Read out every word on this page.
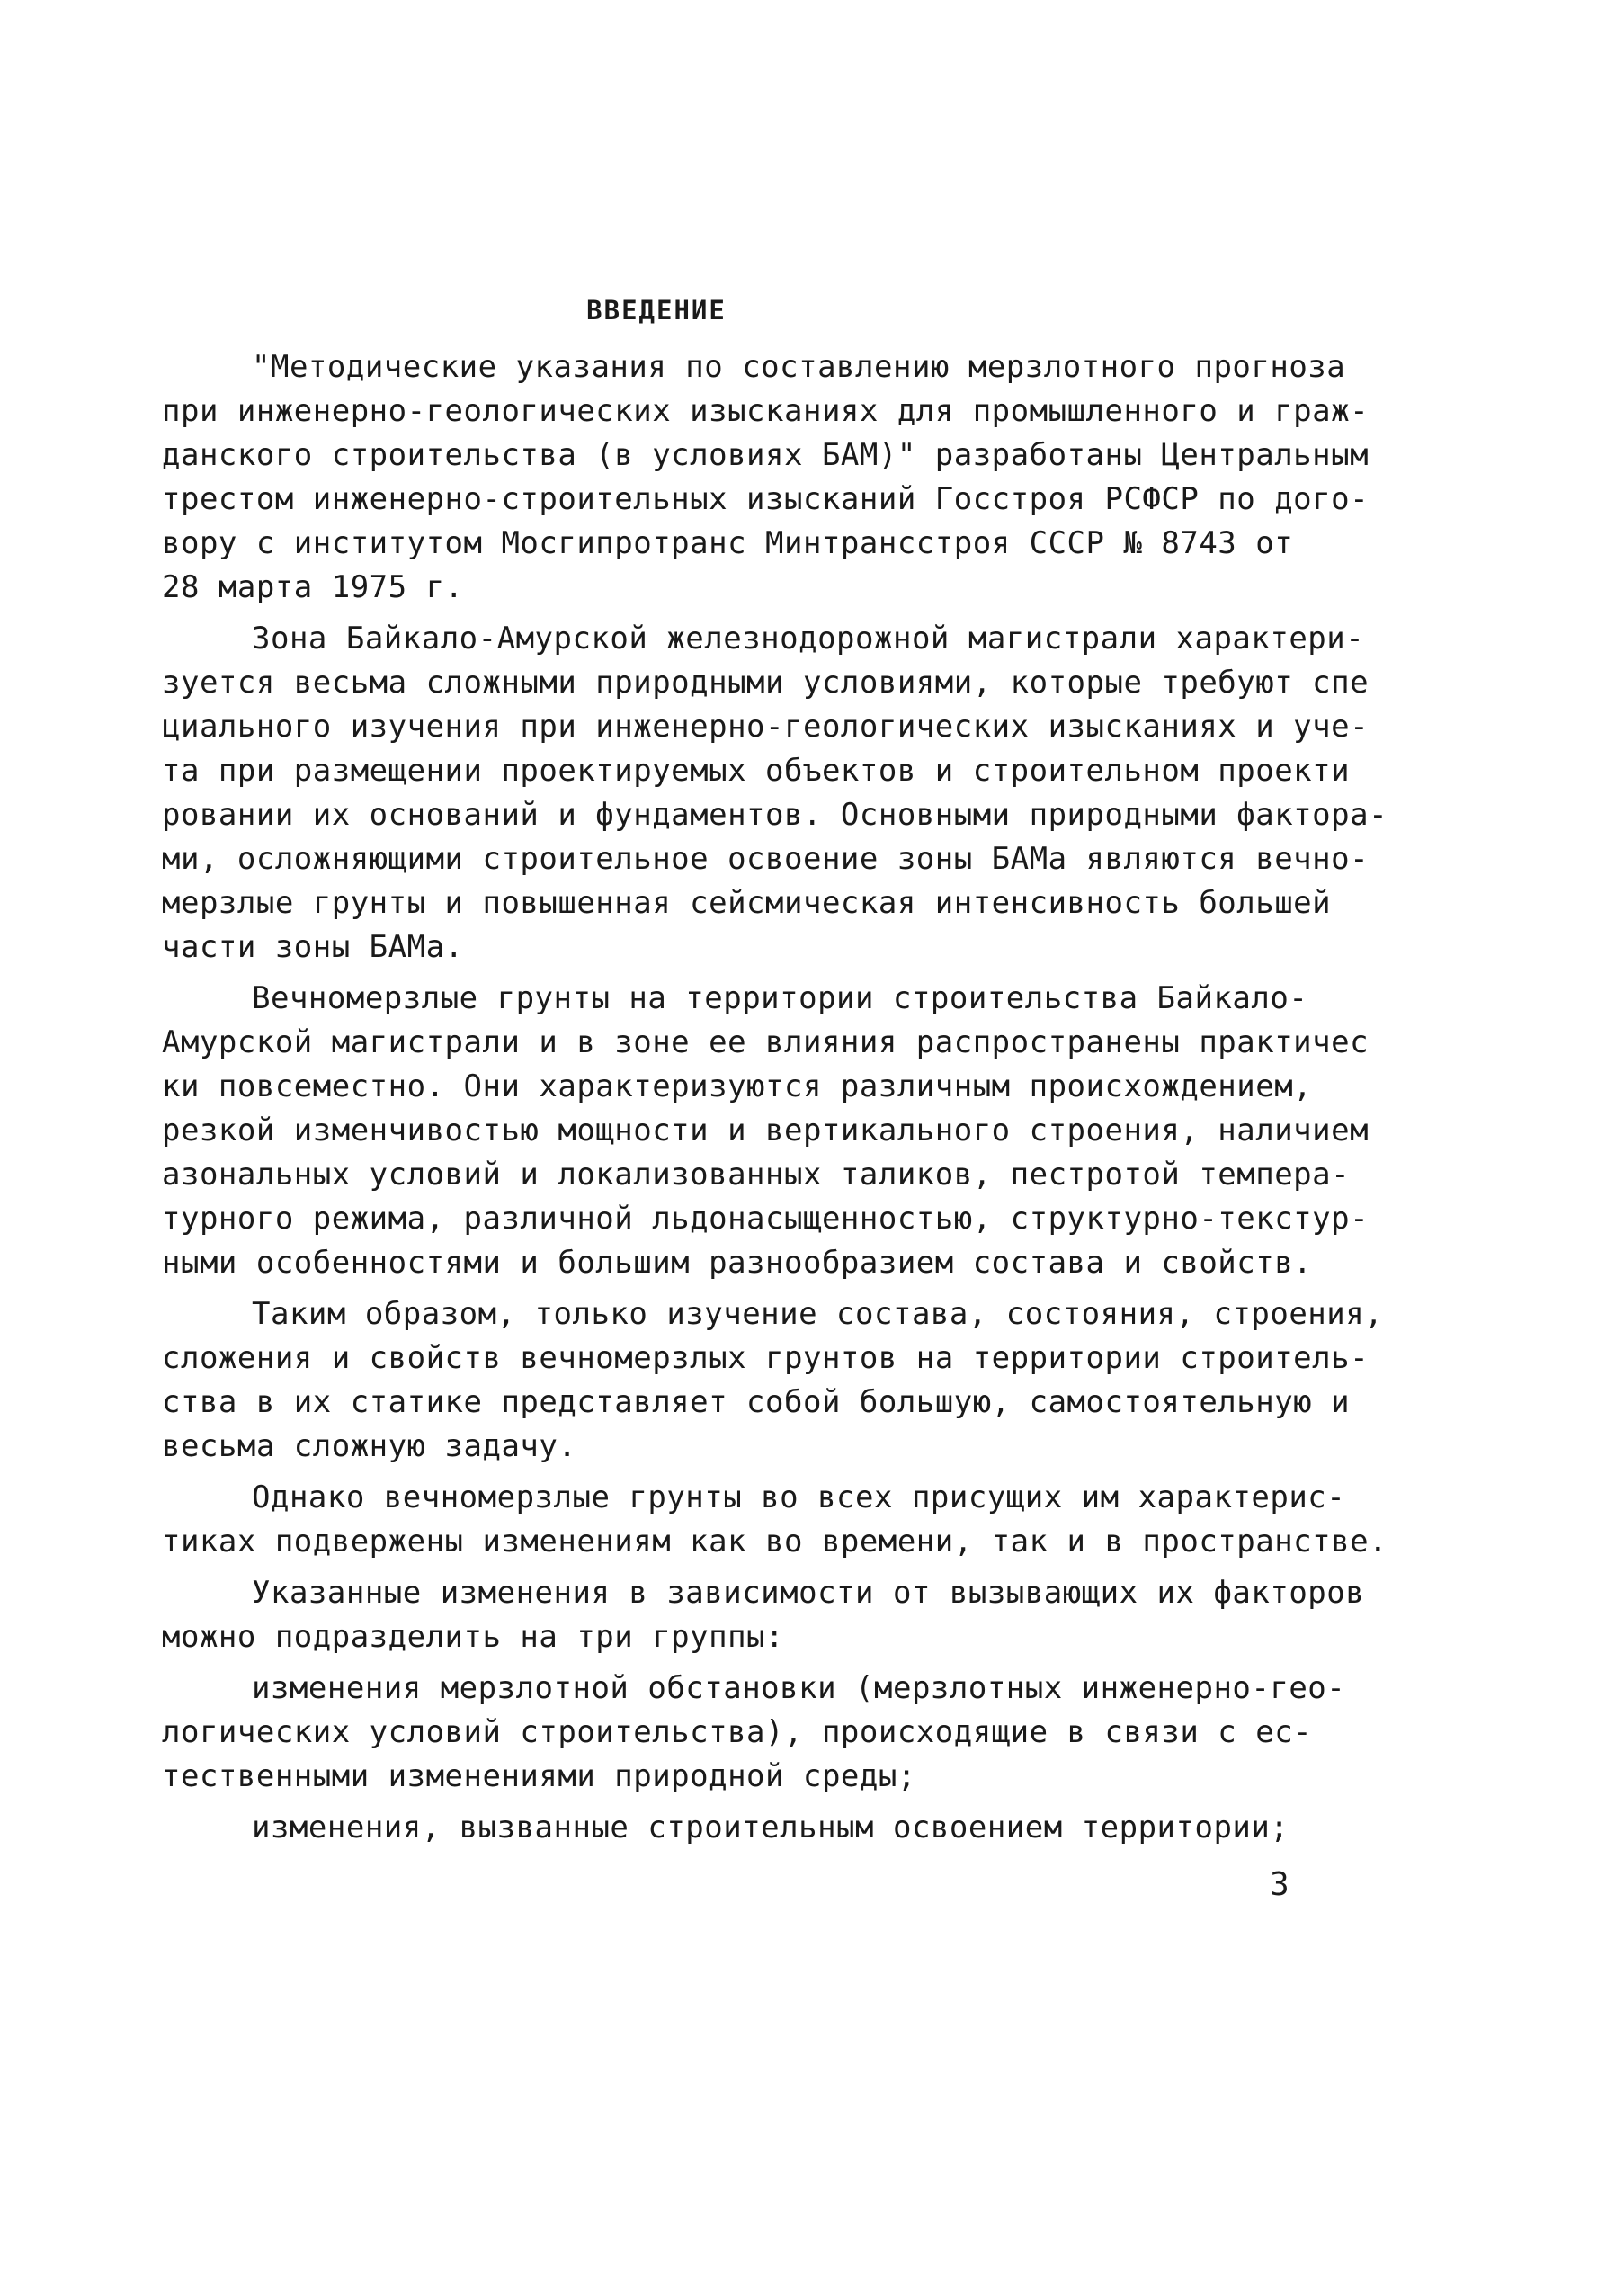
ВВЕДЕНИЕ
"Методические указания по составлению мерзлотного прогноза
при инженерно-геологических изысканиях для промышленного и граж-
данского строительства (в условиях БАМ)" разработаны Центральным
трестом инженерно-строительных изысканий Госстроя РСФСР по дого-
вору с институтом Мосгипротранс Минтрансстроя СССР № 8743 от
28 марта 1975 г.
Зона Байкало-Амурской железнодорожной магистрали характери-
зуется весьма сложными природными условиями, которые требуют спе
циального изучения при инженерно-геологических изысканиях и уче-
та при размещении проектируемых объектов и строительном проекти
ровании их оснований и фундаментов. Основными природными фактора-
ми, осложняющими строительное освоение зоны БАМа являются вечно-
мерзлые грунты и повышенная сейсмическая интенсивность большей
части зоны БАМа.
Вечномерзлые грунты на территории строительства Байкало-
Амурской магистрали и в зоне ее влияния распространены практичес
ки повсеместно. Они характеризуются различным происхождением,
резкой изменчивостью мощности и вертикального строения, наличием
азональных условий и локализованных таликов, пестротой темпера-
турного режима, различной льдонасыщенностью, структурно-текстур-
ными особенностями и большим разнообразием состава и свойств.
Таким образом, только изучение состава, состояния, строения,
сложения и свойств вечномерзлых грунтов на территории строитель-
ства в их статике представляет собой большую, самостоятельную и
весьма сложную задачу.
Однако вечномерзлые грунты во всех присущих им характерис-
тиках подвержены изменениям как во времени, так и в пространстве.
Указанные изменения в зависимости от вызывающих их факторов
можно подразделить на три группы:
изменения мерзлотной обстановки (мерзлотных инженерно-гео-
логических условий строительства), происходящие в связи с ес-
тественными изменениями природной среды;
изменения, вызванные строительным освоением территории;
3
